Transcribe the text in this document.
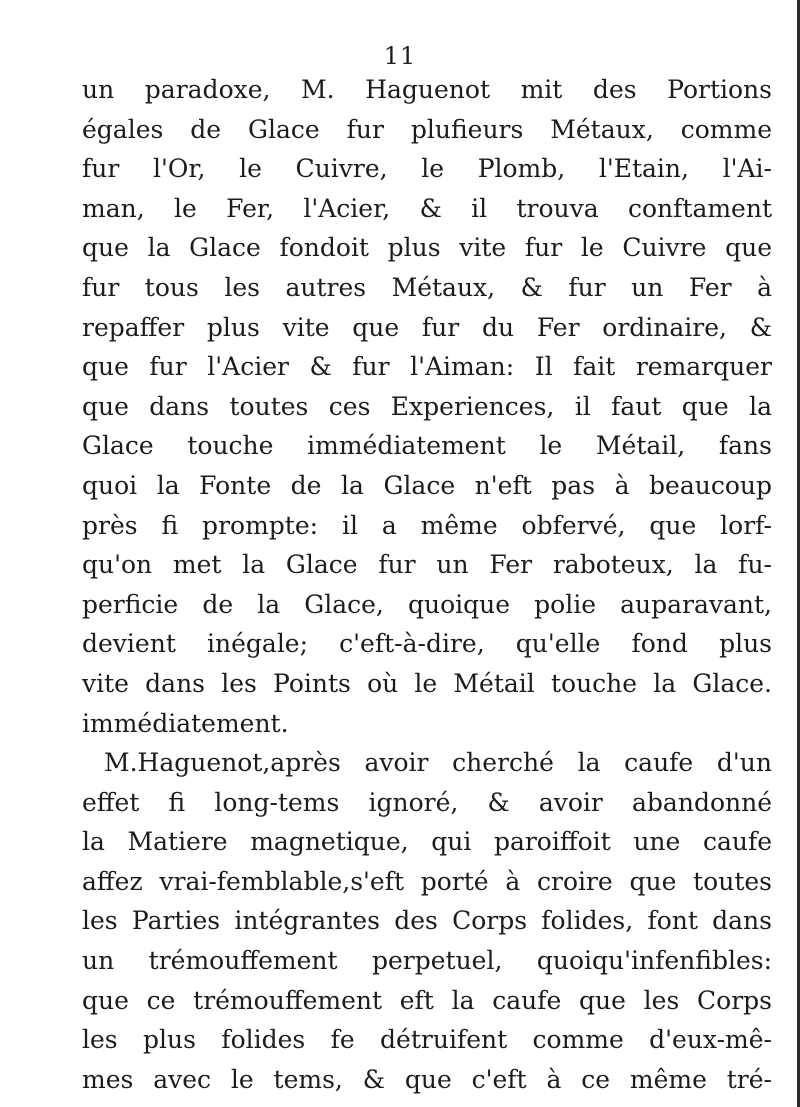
11
un paradoxe, M. Haguenot mit des Portions
égales de Glace fur plufieurs Métaux, comme
fur l'Or, le Cuivre, le Plomb, l'Etain, l'Ai-
man, le Fer, l'Acier, & il trouva conftament
que la Glace fondoit plus vite fur le Cuivre que
fur tous les autres Métaux, & fur un Fer à
repaffer plus vite que fur du Fer ordinaire, &
que fur l'Acier & fur l'Aiman: Il fait remarquer
que dans toutes ces Experiences, il faut que la
Glace touche immédiatement le Métail, fans
quoi la Fonte de la Glace n'eft pas à beaucoup
près fi prompte: il a même obfervé, que lorf-
qu'on met la Glace fur un Fer raboteux, la fu-
perficie de la Glace, quoique polie auparavant,
devient inégale; c'eft-à-dire, qu'elle fond plus
vite dans les Points où le Métail touche la Glace.
immédiatement.
M.Haguenot,après avoir cherché la caufe d'un
effet fi long-tems ignoré, & avoir abandonné
la Matiere magnetique, qui paroiffoit une caufe
affez vrai-femblable,s'eft porté à croire que toutes
les Parties intégrantes des Corps folides, font dans
un trémouffement perpetuel, quoiqu'infenfibles:
que ce trémouffement eft la caufe que les Corps
les plus folides fe détruifent comme d'eux-mê-
mes avec le tems, & que c'eft à ce même tré-
